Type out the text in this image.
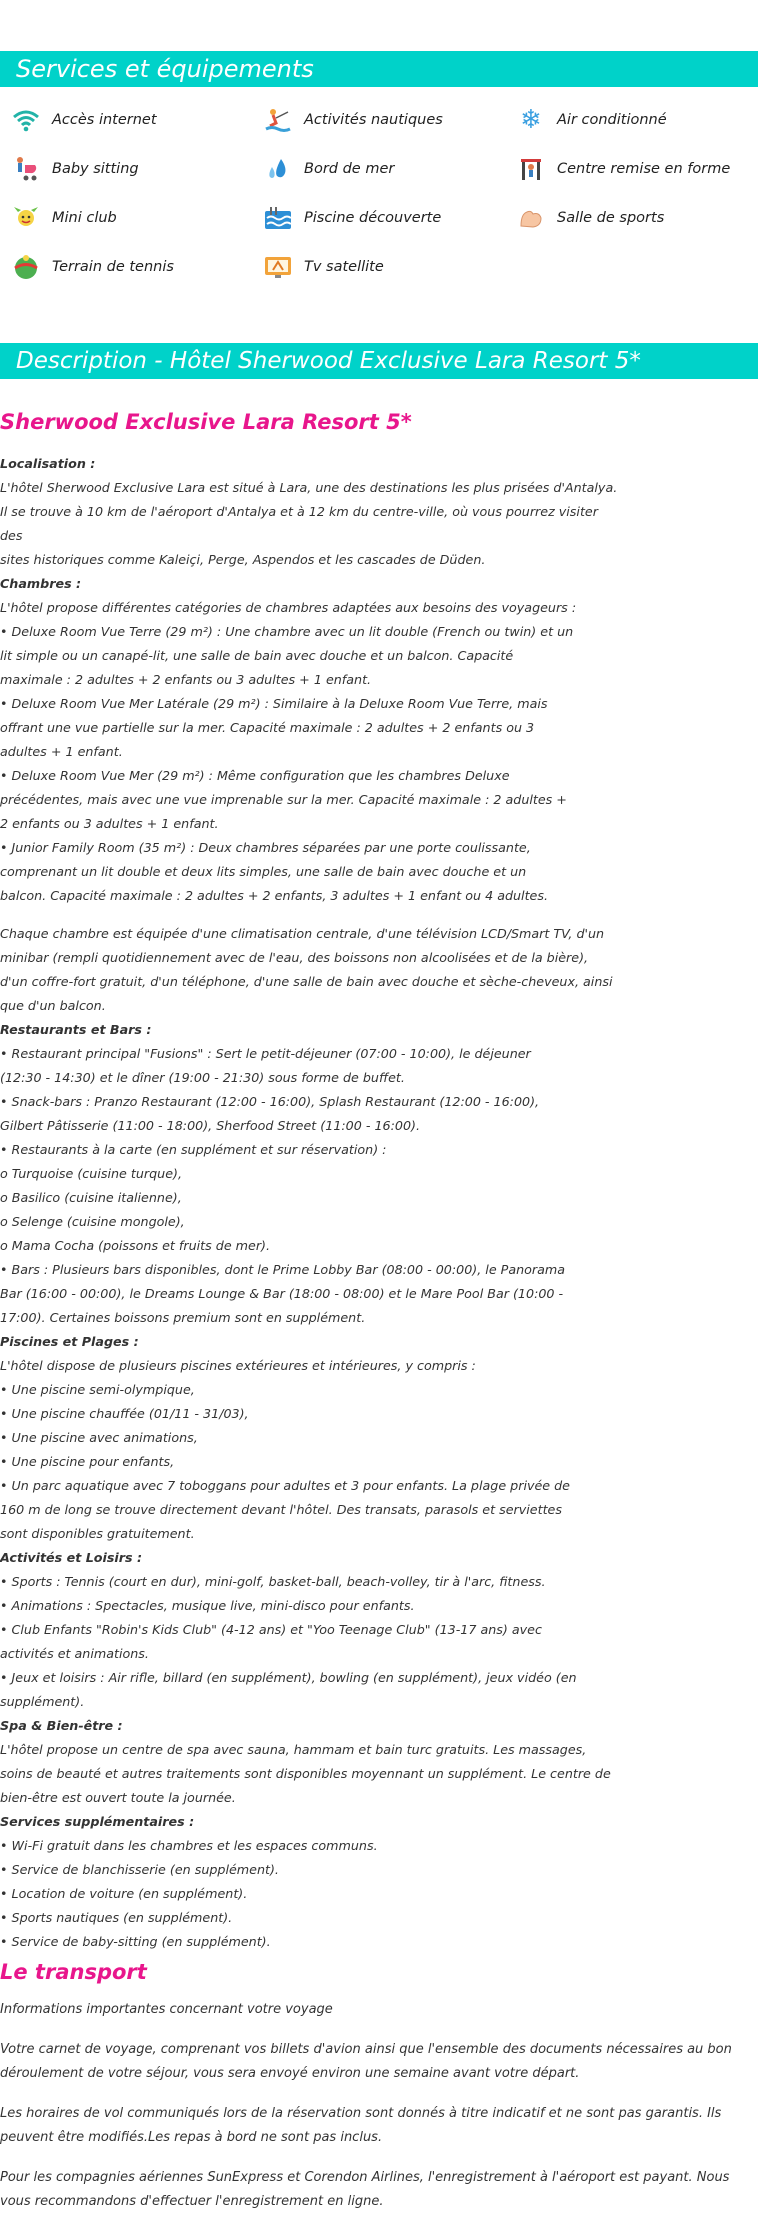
Services et équipements
Accès internet	Activités nautiques	❄	Air conditionné
Baby sitting	Bord de mer	Centre remise en forme
Mini club	Piscine découverte	Salle de sports
Terrain de tennis	Tv satellite
Description - Hôtel Sherwood Exclusive Lara Resort 5*
Sherwood Exclusive Lara Resort 5*

Localisation :

L'hôtel Sherwood Exclusive Lara est situé à Lara, une des destinations les plus prisées d'Antalya.

Il se trouve à 10 km de l'aéroport d'Antalya et à 12 km du centre-ville, où vous pourrez visiter des

sites historiques comme Kaleiçi, Perge, Aspendos et les cascades de Düden.

Chambres :

L'hôtel propose différentes catégories de chambres adaptées aux besoins des voyageurs :

• Deluxe Room Vue Terre (29 m²) : Une chambre avec un lit double (French ou twin) et un

lit simple ou un canapé-lit, une salle de bain avec douche et un balcon. Capacité

maximale : 2 adultes + 2 enfants ou 3 adultes + 1 enfant.

• Deluxe Room Vue Mer Latérale (29 m²) : Similaire à la Deluxe Room Vue Terre, mais

offrant une vue partielle sur la mer. Capacité maximale : 2 adultes + 2 enfants ou 3

adultes + 1 enfant.

• Deluxe Room Vue Mer (29 m²) : Même configuration que les chambres Deluxe

précédentes, mais avec une vue imprenable sur la mer. Capacité maximale : 2 adultes +

2 enfants ou 3 adultes + 1 enfant.

• Junior Family Room (35 m²) : Deux chambres séparées par une porte coulissante,

comprenant un lit double et deux lits simples, une salle de bain avec douche et un

balcon. Capacité maximale : 2 adultes + 2 enfants, 3 adultes + 1 enfant ou 4 adultes.

Chaque chambre est équipée d'une climatisation centrale, d'une télévision LCD/Smart TV, d'un

minibar (rempli quotidiennement avec de l'eau, des boissons non alcoolisées et de la bière),

d'un coffre-fort gratuit, d'un téléphone, d'une salle de bain avec douche et sèche-cheveux, ainsi

que d'un balcon.

Restaurants et Bars :

• Restaurant principal "Fusions" : Sert le petit-déjeuner (07:00 - 10:00), le déjeuner

(12:30 - 14:30) et le dîner (19:00 - 21:30) sous forme de buffet.

• Snack-bars : Pranzo Restaurant (12:00 - 16:00), Splash Restaurant (12:00 - 16:00),

Gilbert Pâtisserie (11:00 - 18:00), Sherfood Street (11:00 - 16:00).

• Restaurants à la carte (en supplément et sur réservation) :

o Turquoise (cuisine turque),

o Basilico (cuisine italienne),

o Selenge (cuisine mongole),

o Mama Cocha (poissons et fruits de mer).

• Bars : Plusieurs bars disponibles, dont le Prime Lobby Bar (08:00 - 00:00), le Panorama

Bar (16:00 - 00:00), le Dreams Lounge & Bar (18:00 - 08:00) et le Mare Pool Bar (10:00 -

17:00). Certaines boissons premium sont en supplément.

Piscines et Plages :

L'hôtel dispose de plusieurs piscines extérieures et intérieures, y compris :

• Une piscine semi-olympique,

• Une piscine chauffée (01/11 - 31/03),

• Une piscine avec animations,

• Une piscine pour enfants,

• Un parc aquatique avec 7 toboggans pour adultes et 3 pour enfants. La plage privée de

160 m de long se trouve directement devant l'hôtel. Des transats, parasols et serviettes

sont disponibles gratuitement.

Activités et Loisirs :

• Sports : Tennis (court en dur), mini-golf, basket-ball, beach-volley, tir à l'arc, fitness.

• Animations : Spectacles, musique live, mini-disco pour enfants.

• Club Enfants "Robin's Kids Club" (4-12 ans) et "Yoo Teenage Club" (13-17 ans) avec

activités et animations.

• Jeux et loisirs : Air rifle, billard (en supplément), bowling (en supplément), jeux vidéo (en

supplément).

Spa & Bien-être :

L'hôtel propose un centre de spa avec sauna, hammam et bain turc gratuits. Les massages,

soins de beauté et autres traitements sont disponibles moyennant un supplément. Le centre de

bien-être est ouvert toute la journée.

Services supplémentaires :

• Wi-Fi gratuit dans les chambres et les espaces communs.

• Service de blanchisserie (en supplément).

• Location de voiture (en supplément).

• Sports nautiques (en supplément).

• Service de baby-sitting (en supplément).

Le transport

Informations importantes concernant votre voyage

Votre carnet de voyage, comprenant vos billets d'avion ainsi que l'ensemble des documents nécessaires au bon déroulement de votre séjour, vous sera envoyé environ une semaine avant votre départ.

Les horaires de vol communiqués lors de la réservation sont donnés à titre indicatif et ne sont pas garantis. Ils peuvent être modifiés.Les repas à bord ne sont pas inclus.

Pour les compagnies aériennes SunExpress et Corendon Airlines, l'enregistrement à l'aéroport est payant. Nous vous recommandons d'effectuer l'enregistrement en ligne.
